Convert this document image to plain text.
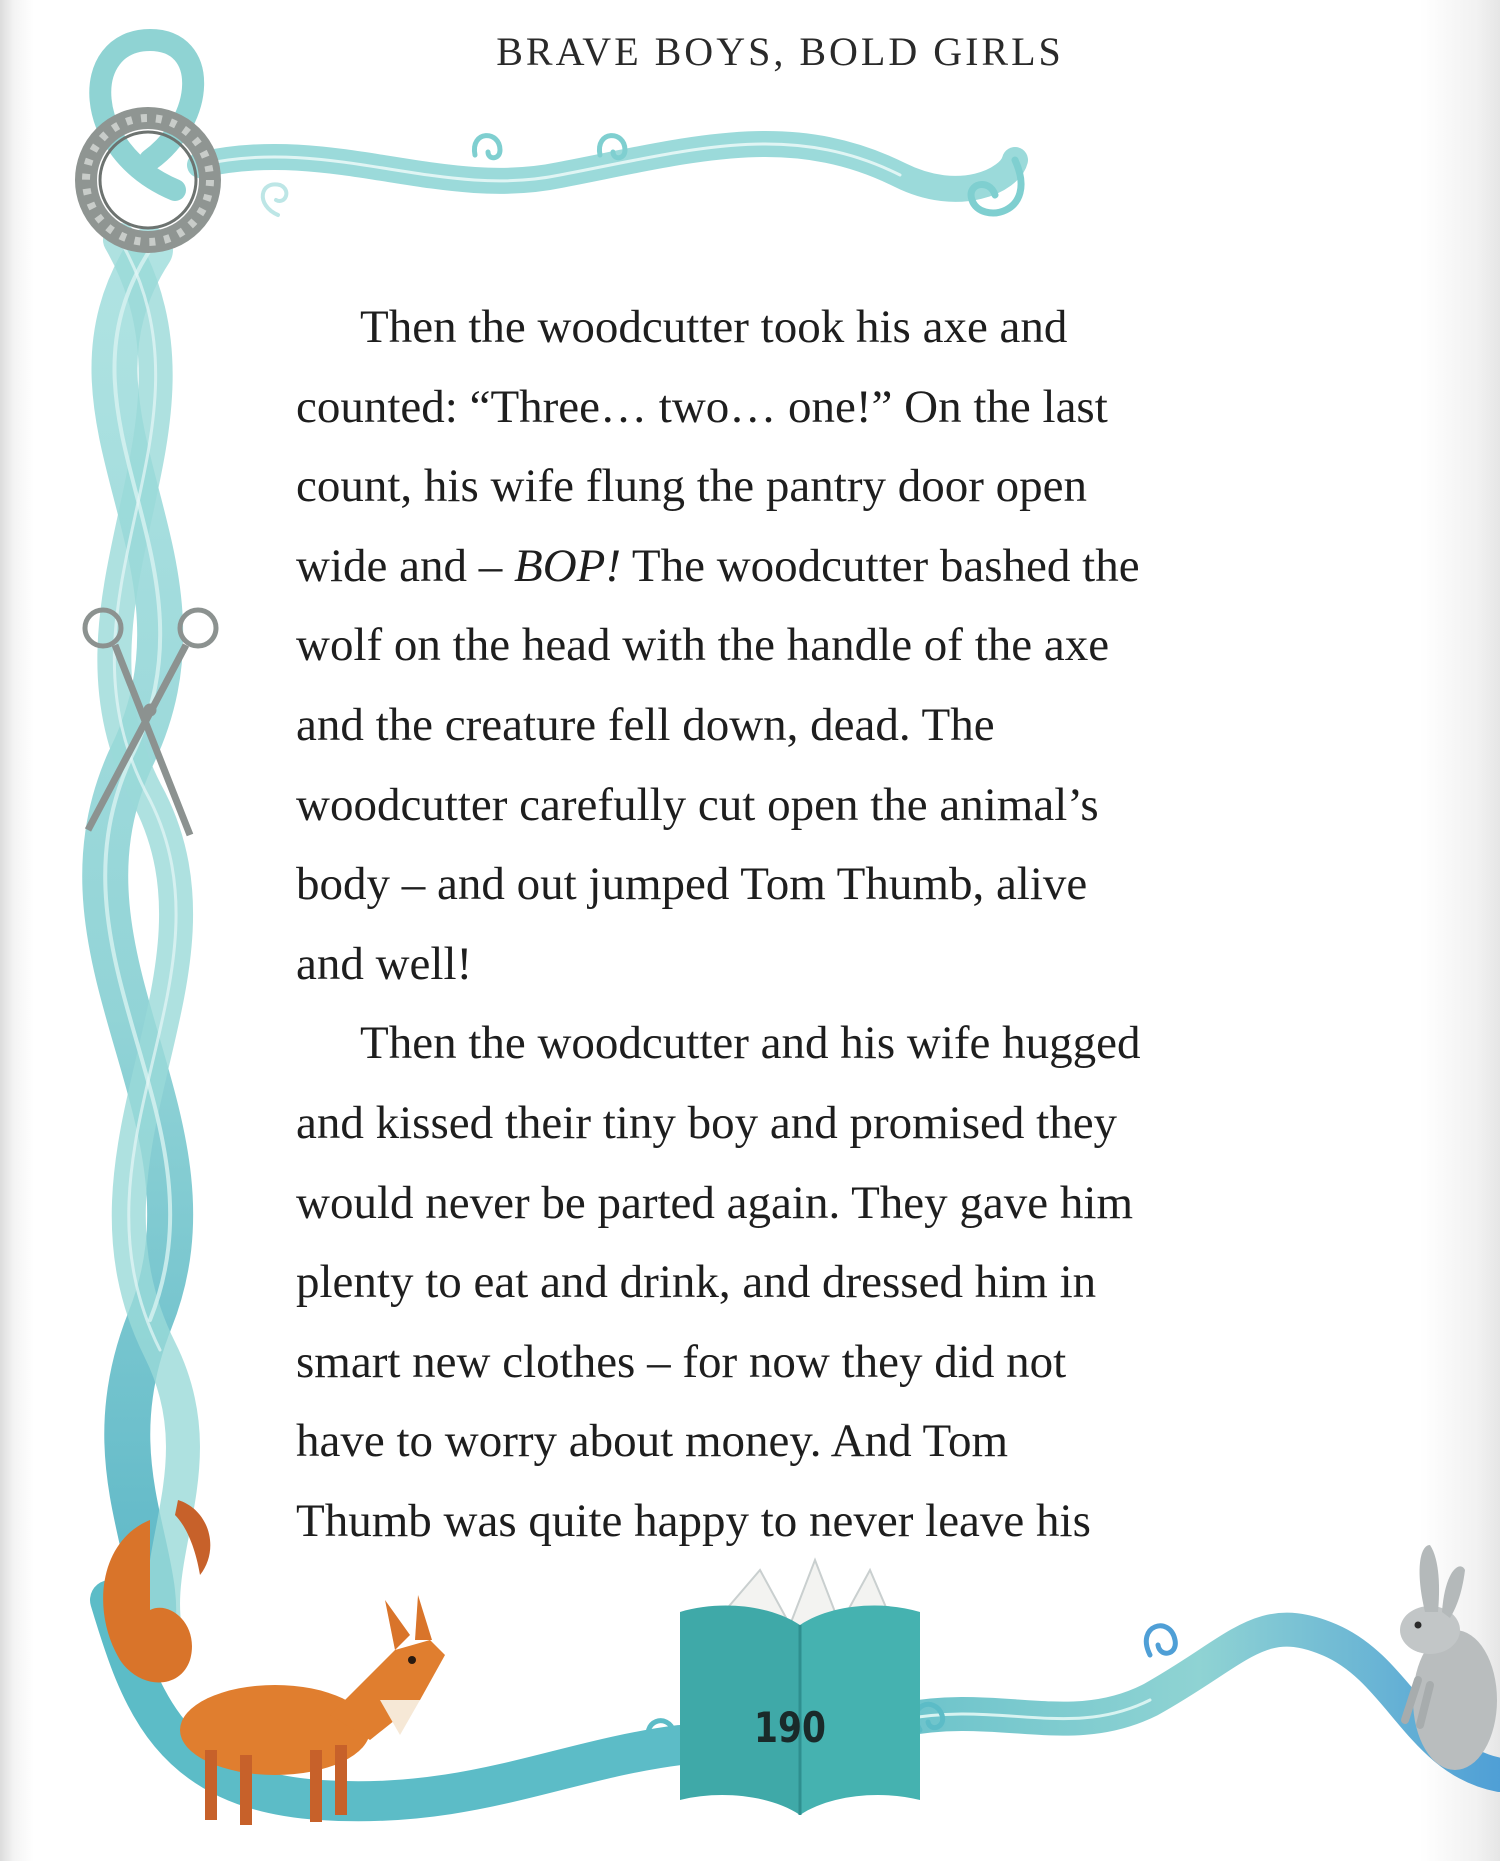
BRAVE BOYS, BOLD GIRLS

Then the woodcutter took his axe and
counted: “Three… two… one!” On the last
count, his wife flung the pantry door open
wide and – BOP! The woodcutter bashed the
wolf on the head with the handle of the axe
and the creature fell down, dead. The
woodcutter carefully cut open the animal’s
body – and out jumped Tom Thumb, alive
and well!

Then the woodcutter and his wife hugged
and kissed their tiny boy and promised they
would never be parted again. They gave him
plenty to eat and drink, and dressed him in
smart new clothes – for now they did not
have to worry about money. And Tom
Thumb was quite happy to never leave his

190
